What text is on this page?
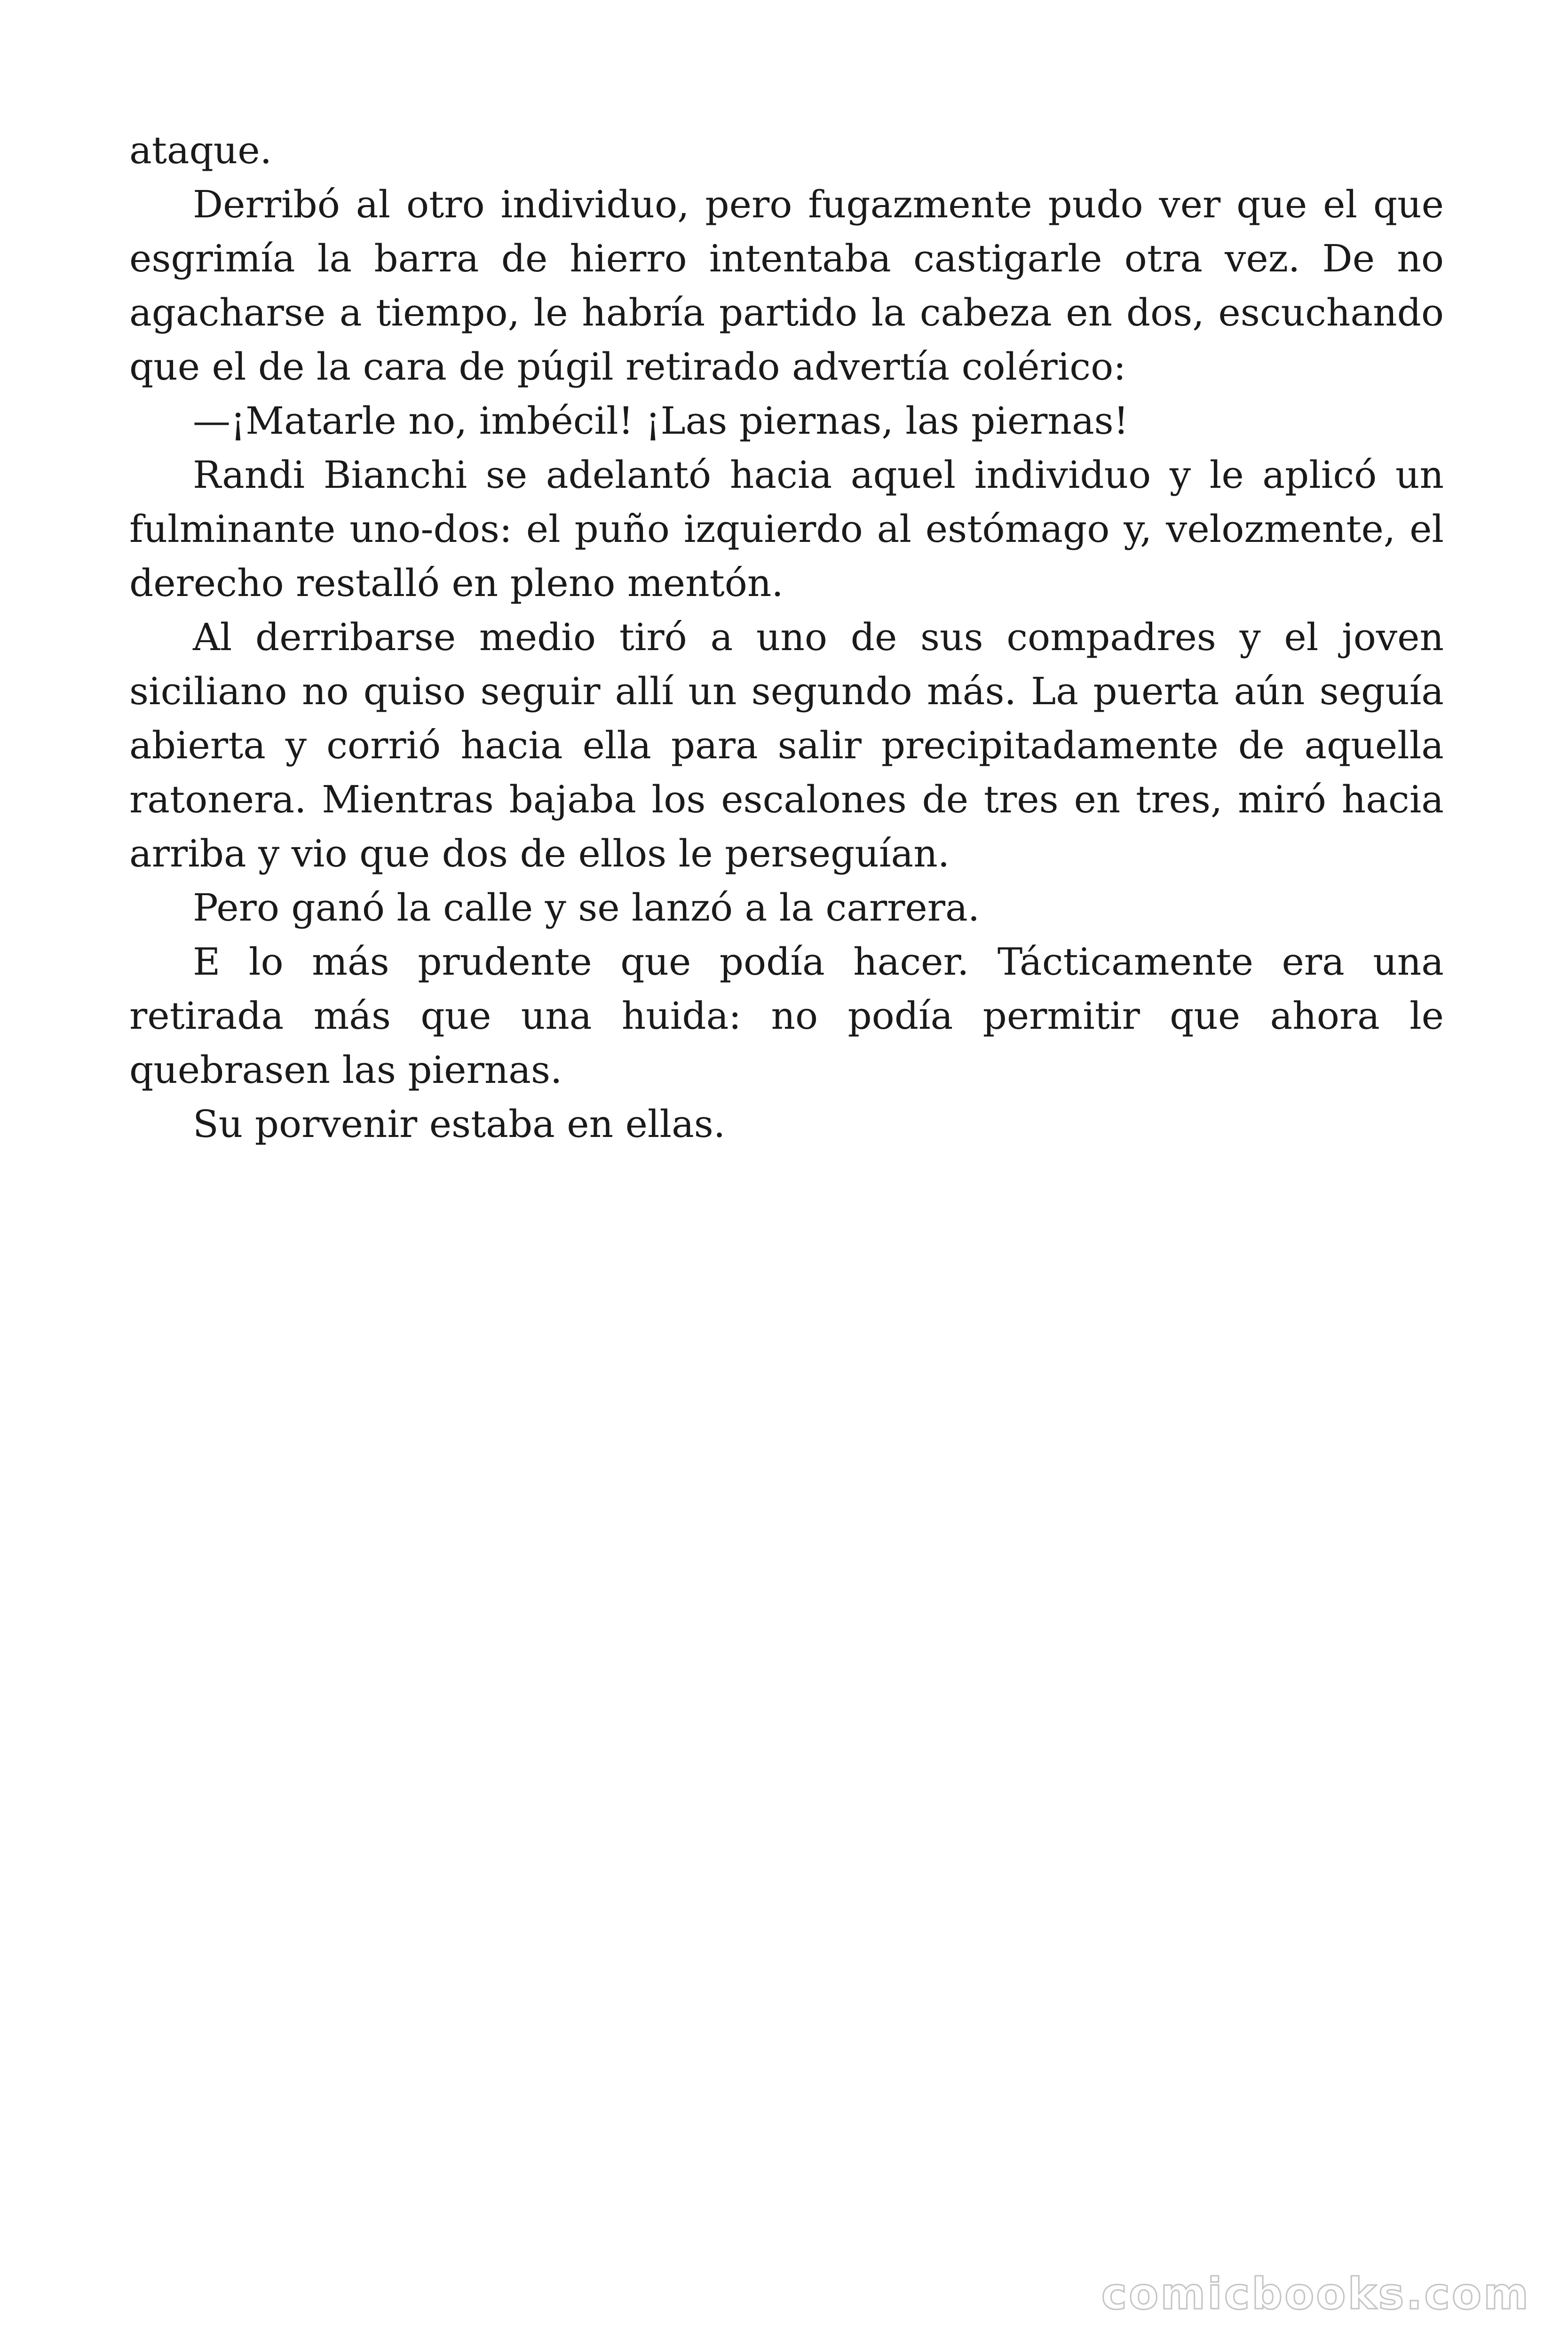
ataque.

Derribó al otro individuo, pero fugazmente pudo ver que el que esgrimía la barra de hierro intentaba castigarle otra vez. De no agacharse a tiempo, le habría partido la cabeza en dos, escuchando que el de la cara de púgil retirado advertía colérico:

—¡Matarle no, imbécil! ¡Las piernas, las piernas!

Randi Bianchi se adelantó hacia aquel individuo y le aplicó un fulminante uno-dos: el puño izquierdo al estómago y, velozmente, el derecho restalló en pleno mentón.

Al derribarse medio tiró a uno de sus compadres y el joven siciliano no quiso seguir allí un segundo más. La puerta aún seguía abierta y corrió hacia ella para salir precipitadamente de aquella ratonera. Mientras bajaba los escalones de tres en tres, miró hacia arriba y vio que dos de ellos le perseguían.

Pero ganó la calle y se lanzó a la carrera.

E lo más prudente que podía hacer. Tácticamente era una retirada más que una huida: no podía permitir que ahora le quebrasen las piernas.

Su porvenir estaba en ellas.

comicbooks.com
